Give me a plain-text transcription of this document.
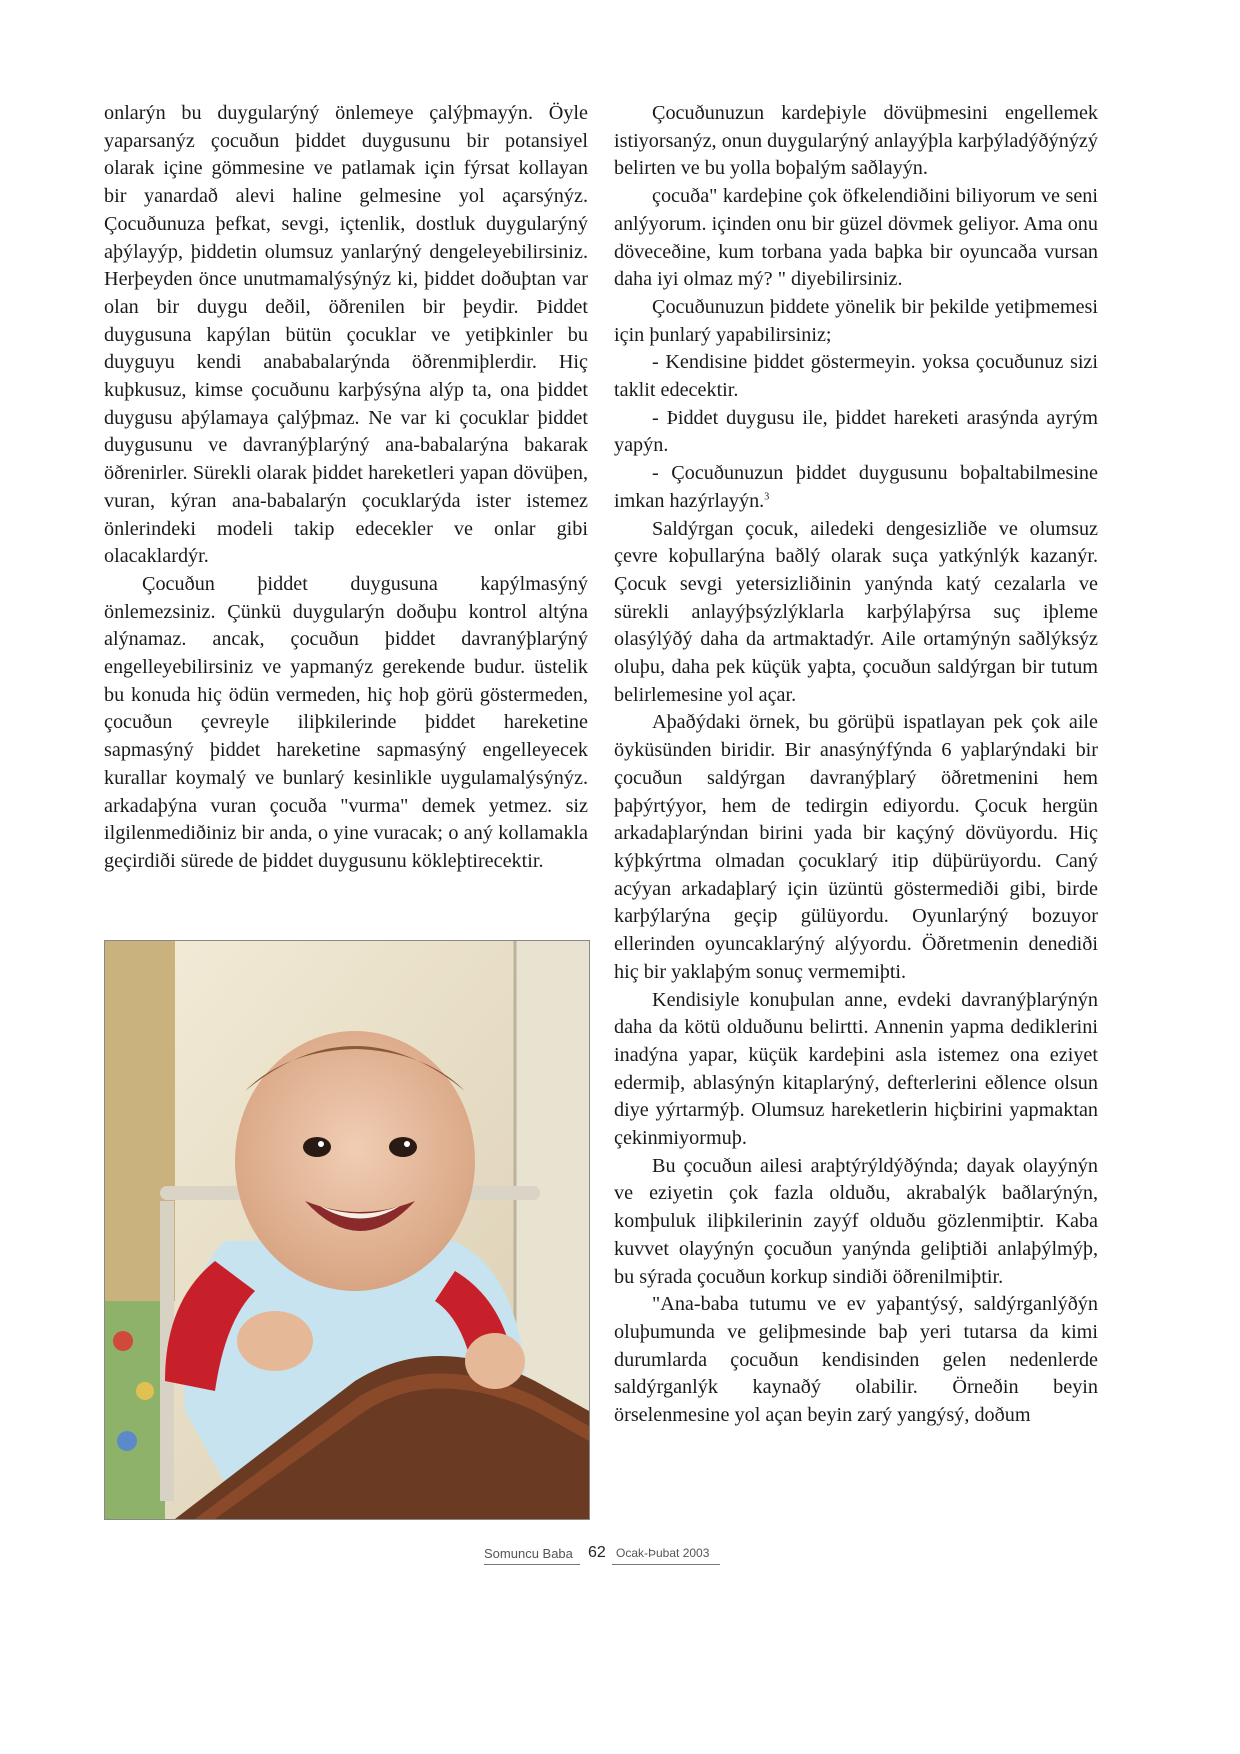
onlarýn bu duygularýný önlemeye çalýþmayýn. Öyle yaparsanýz çocuðun þiddet duygusunu bir potansiyel olarak içine gömmesine ve patlamak için fýrsat kollayan bir yanardað alevi haline gelmesine yol açarsýnýz. Çocuðunuza þefkat, sevgi, içtenlik, dostluk duygularýný aþýlayýp, þiddetin olumsuz yanlarýný dengeleyebilirsiniz. Herþeyden önce unutmamalýsýnýz ki, þiddet doðuþtan var olan bir duygu deðil, öðrenilen bir þeydir. Þiddet duygusuna kapýlan bütün çocuklar ve yetiþkinler bu duyguyu kendi anababalarýnda öðrenmiþlerdir. Hiç kuþkusuz, kimse çocuðunu karþýsýna alýp ta, ona þiddet duygusu aþýlamaya çalýþmaz. Ne var ki çocuklar þiddet duygusunu ve davranýþlarýný ana-babalarýna bakarak öðrenirler. Sürekli olarak þiddet hareketleri yapan dövüþen, vuran, kýran ana-babalarýn çocuklarýda ister istemez önlerindeki modeli takip edecekler ve onlar gibi olacaklardýr.

Çocuðun þiddet duygusuna kapýlmasýný önlemezsiniz. Çünkü duygularýn doðuþu kontrol altýna alýnamaz. ancak, çocuðun þiddet davranýþlarýný engelleyebilirsiniz ve yapmanýz gerekende budur. üstelik bu konuda hiç ödün vermeden, hiç hoþ görü göstermeden, çocuðun çevreyle iliþkilerinde þiddet hareketine sapmasýný þiddet hareketine sapmasýný engelleyecek kurallar koymalý ve bunlarý kesinlikle uygulamalýsýnýz. arkadaþýna vuran çocuða "vurma" demek yetmez. siz ilgilenmediðiniz bir anda, o yine vuracak; o aný kollamakla geçirdiði sürede de þiddet duygusunu kökleþtirecektir.

Çocuðunuzun kardeþiyle dövüþmesini engellemek istiyorsanýz, onun duygularýný anlayýþla karþýladýðýnýzý belirten ve bu yolla boþalým saðlayýn.

çocuða" kardeþine çok öfkelendiðini biliyorum ve seni anlýyorum. içinden onu bir güzel dövmek geliyor. Ama onu döveceðine, kum torbana yada baþka bir oyuncaða vursan daha iyi olmaz mý? " diyebilirsiniz.

Çocuðunuzun þiddete yönelik bir þekilde yetiþmemesi için þunlarý yapabilirsiniz;

- Kendisine þiddet göstermeyin. yoksa çocuðunuz sizi taklit edecektir.

- Þiddet duygusu ile, þiddet hareketi arasýnda ayrým yapýn.

- Çocuðunuzun þiddet duygusunu boþaltabilmesine imkan hazýrlayýn.$^3$

Saldýrgan çocuk, ailedeki dengesizliðe ve olumsuz çevre koþullarýna baðlý olarak suça yatkýnlýk kazanýr. Çocuk sevgi yetersizliðinin yanýnda katý cezalarla ve sürekli anlayýþsýzlýklarla karþýlaþýrsa suç iþleme olasýlýðý daha da artmaktadýr. Aile ortamýnýn saðlýksýz oluþu, daha pek küçük yaþta, çocuðun saldýrgan bir tutum belirlemesine yol açar.

Aþaðýdaki örnek, bu görüþü ispatlayan pek çok aile öyküsünden biridir. Bir anasýnýfýnda 6 yaþlarýndaki bir çocuðun saldýrgan davranýþlarý öðretmenini hem þaþýrtýyor, hem de tedirgin ediyordu. Çocuk hergün arkadaþlarýndan birini yada bir kaçýný dövüyordu. Hiç kýþkýrtma olmadan çocuklarý itip düþürüyordu. Caný acýyan arkadaþlarý için üzüntü göstermediði gibi, birde karþýlarýna geçip gülüyordu. Oyunlarýný bozuyor ellerinden oyuncaklarýný alýyordu. Öðretmenin denediði hiç bir yaklaþým sonuç vermemiþti.

Kendisiyle konuþulan anne, evdeki davranýþlarýnýn daha da kötü olduðunu belirtti. Annenin yapma dediklerini inadýna yapar, küçük kardeþini asla istemez ona eziyet edermiþ, ablasýnýn kitaplarýný, defterlerini eðlence olsun diye yýrtarmýþ. Olumsuz hareketlerin hiçbirini yapmaktan çekinmiyormuþ.

Bu çocuðun ailesi araþtýrýldýðýnda; dayak olayýnýn ve eziyetin çok fazla olduðu, akrabalýk baðlarýnýn, komþuluk iliþkilerinin zayýf olduðu gözlenmiþtir. Kaba kuvvet olayýnýn çocuðun yanýnda geliþtiði anlaþýlmýþ, bu sýrada çocuðun korkup sindiði öðrenilmiþtir.

"Ana-baba tutumu ve ev yaþantýsý, saldýrganlýðýn oluþumunda ve geliþmesinde baþ yeri tutarsa da kimi durumlarda çocuðun kendisinden gelen nedenlerde saldýrganlýk kaynaðý olabilir. Örneðin beyin örselenmesine yol açan beyin zarý yangýsý, doðum

Somuncu Baba 62 Ocak-Þubat 2003
